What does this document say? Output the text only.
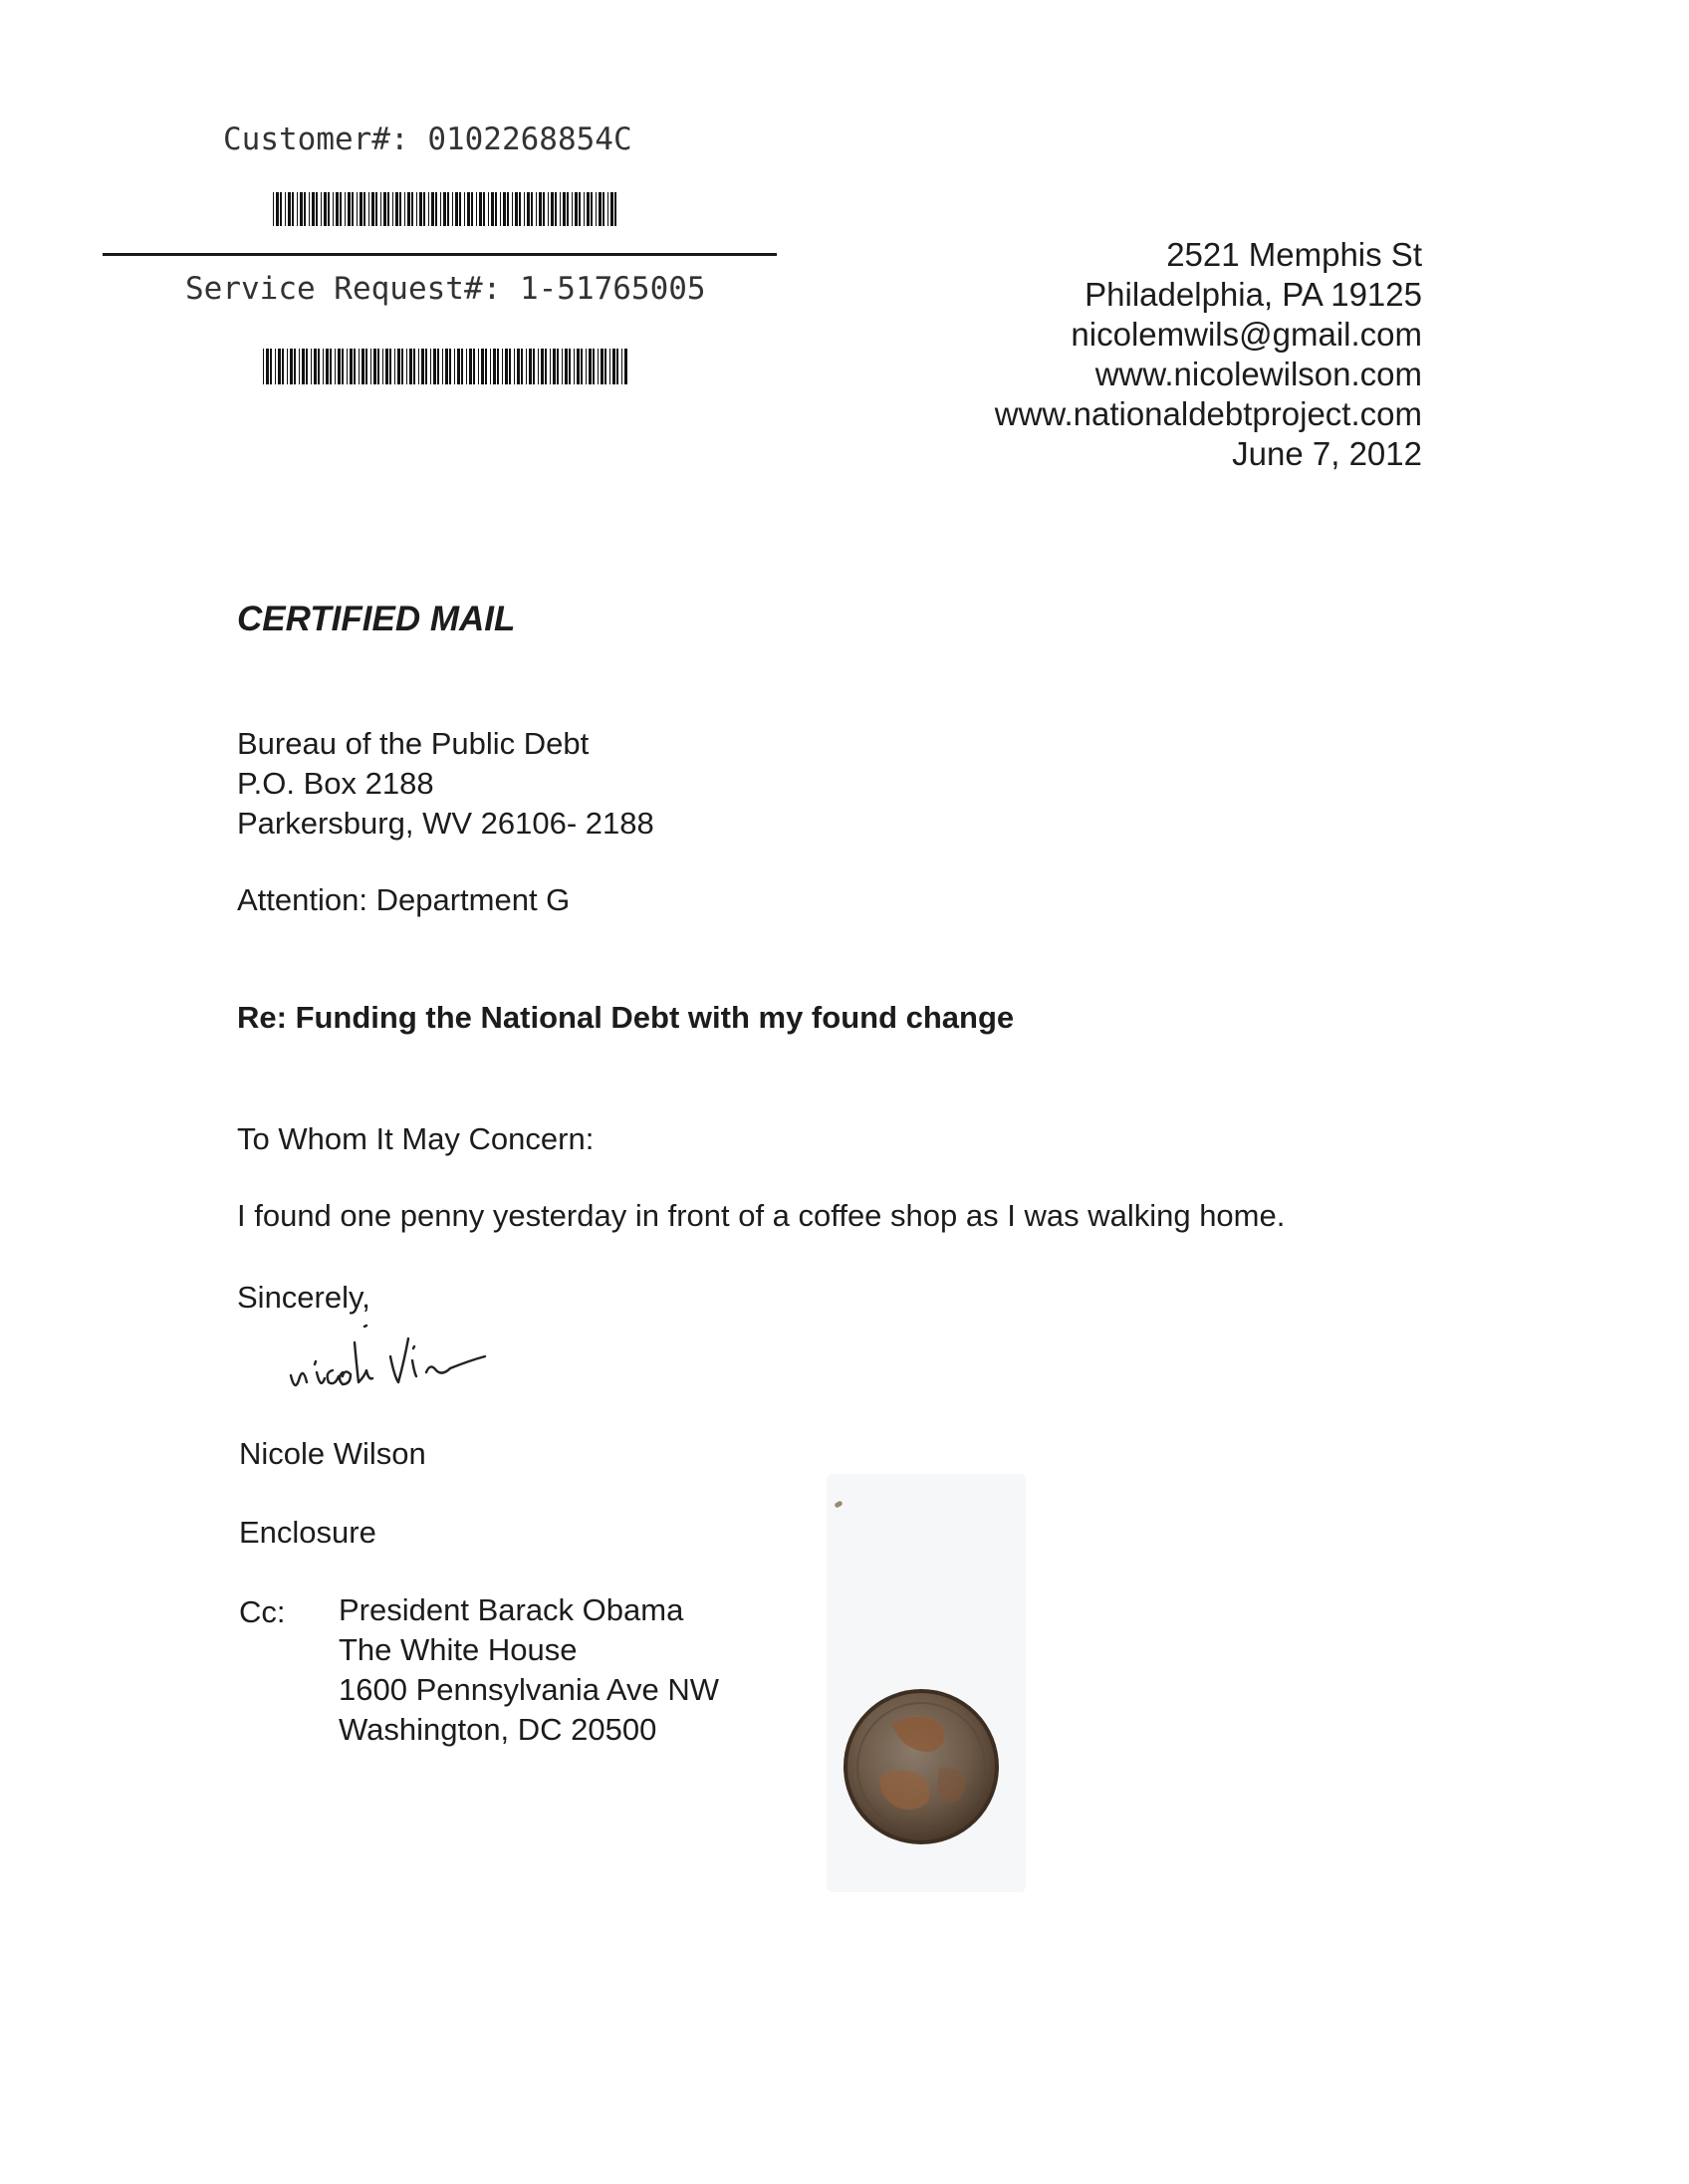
Customer#: 0102268854C
Service Request#: 1-51765005
2521 Memphis St
Philadelphia, PA 19125
nicolemwils@gmail.com
www.nicolewilson.com
www.nationaldebtproject.com
June 7, 2012
CERTIFIED MAIL
Bureau of the Public Debt
P.O. Box 2188
Parkersburg, WV 26106- 2188
Attention: Department G
Re: Funding the National Debt with my found change
To Whom It May Concern:
I found one penny yesterday in front of a coffee shop as I was walking home.
Sincerely,
Nicole Wilson
Enclosure
Cc: President Barack Obama
The White House
1600 Pennsylvania Ave NW
Washington, DC 20500
